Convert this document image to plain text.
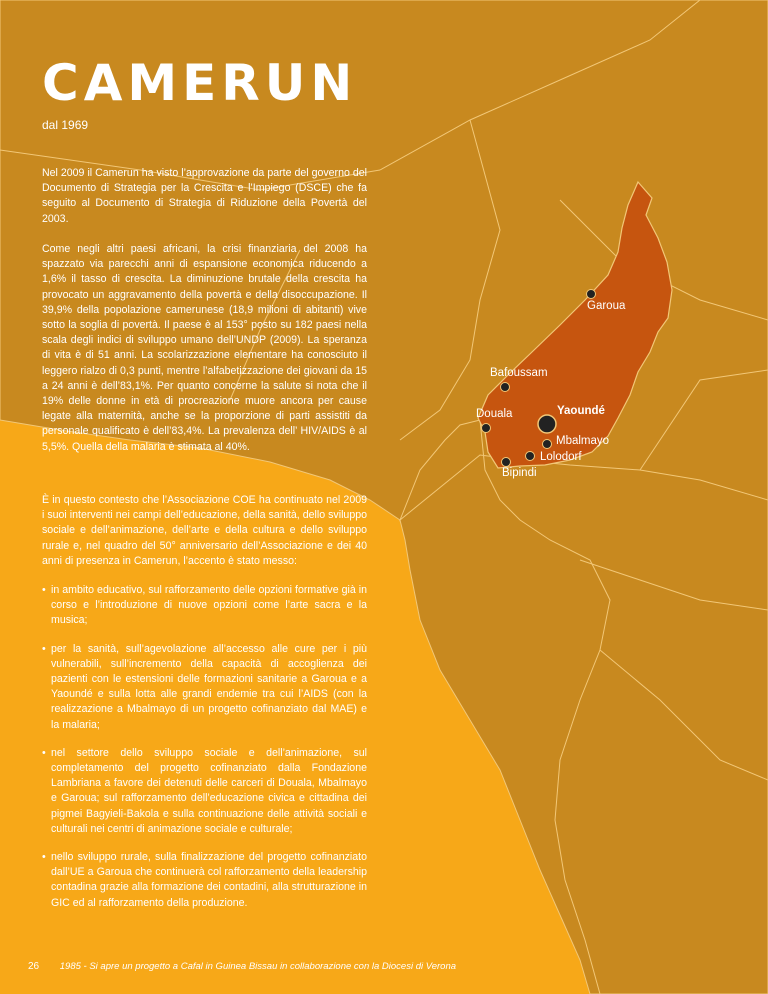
CAMERUN
dal 1969

Nel 2009 il Camerun ha visto l’approvazione da parte del governo del Documento di Strategia per la Crescita e l’Impiego (DSCE) che fa seguito al Documento di Strategia di Riduzione della Povertà del 2003.

Come negli altri paesi africani, la crisi finanziaria del 2008 ha spazzato via parecchi anni di espansione economica riducendo a 1,6% il tasso di crescita. La diminuzione brutale della crescita ha provocato un aggravamento della povertà e della disoccupazione. Il 39,9% della popolazione camerunese (18,9 milioni di abitanti) vive sotto la soglia di povertà. Il paese è al 153° posto su 182 paesi nella scala degli indici di sviluppo umano dell’UNDP (2009). La speranza di vita è di 51 anni. La scolarizzazione elementare ha conosciuto il leggero rialzo di 0,3 punti, mentre l’alfabetizzazione dei giovani da 15 a 24 anni è dell’83,1%. Per quanto concerne la salute si nota che il 19% delle donne in età di procreazione muore ancora per cause legate alla maternità, anche se la proporzione di parti assistiti da personale qualificato è dell’83,4%. La prevalenza dell’ HIV/AIDS è al 5,5%. Quella della malaria è stimata al 40%.

È in questo contesto che l’Associazione COE ha continuato nel 2009 i suoi interventi nei campi dell’educazione, della sanità, dello sviluppo sociale e dell’animazione, dell’arte e della cultura e dello sviluppo rurale e, nel quadro del 50° anniversario dell’Associazione e dei 40 anni di presenza in Camerun, l’accento è stato messo:

• in ambito educativo, sul rafforzamento delle opzioni formative già in corso e l’introduzione di nuove opzioni come l’arte sacra e la musica;
• per la sanità, sull’agevolazione all’accesso alle cure per i più vulnerabili, sull’incremento della capacità di accoglienza dei pazienti con le estensioni delle formazioni sanitarie a Garoua e a Yaoundé e sulla lotta alle grandi endemie tra cui l’AIDS (con la realizzazione a Mbalmayo di un progetto cofinanziato dal MAE) e la malaria;
• nel settore dello sviluppo sociale e dell’animazione, sul completamento del progetto cofinanziato dalla Fondazione Lambriana a favore dei detenuti delle carceri di Douala, Mbalmayo e Garoua; sul rafforzamento dell’educazione civica e cittadina dei pigmei Bagyieli-Bakola e sulla continuazione delle attività sociali e culturali nei centri di animazione sociale e culturale;
• nello sviluppo rurale, sulla finalizzazione del progetto cofinanziato dall’UE a Garoua che continuerà col rafforzamento della leadership contadina grazie alla formazione dei contadini, alla strutturazione in GIC ed al rafforzamento della produzione.
Garoua
Bafoussam
Douala	Yaoundé
Mbalmayo
Lolodorf
Bipindi
26 1985 - Si apre un progetto a Cafal in Guinea Bissau in collaborazione con la Diocesi di Verona
